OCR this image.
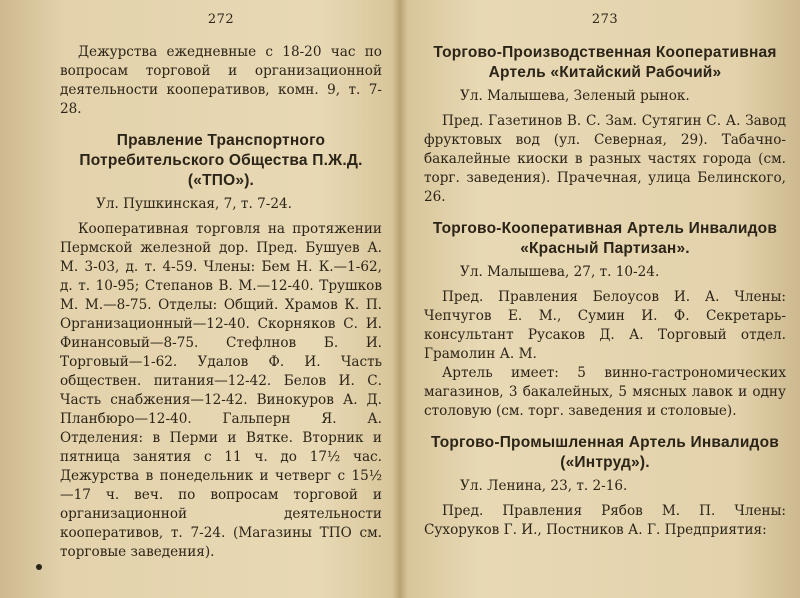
272

Дежурства ежедневные с 18-20 час по вопросам торговой и организационной деятельности кооперативов, комн. 9, т. 7-28.

Правление Транспортного Потребительского Общества П.Ж.Д. («ТПО»).
Ул. Пушкинская, 7, т. 7-24.

Кооперативная торговля на протяжении Пермской железной дор. Пред. Бушуев А. М. 3-03, д. т. 4-59. Члены: Бем Н. К.—1-62, д. т. 10-95; Степанов В. М.—12-40. Трушков М. М.—8-75. Отделы: Общий. Храмов К. П. Организационный—12-40. Скорняков С. И. Финансовый—8-75. Стефлнов Б. И. Торговый—1-62. Удалов Ф. И. Часть обществен. питания—12-42. Белов И. С. Часть снабжения—12-42. Винокуров А. Д. Планбюро—12-40. Гальперн Я. А. Отделения: в Перми и Вятке. Вторник и пятница занятия с 11 ч. до 17½ час. Дежурства в понедельник и четверг с 15½—17 ч. веч. по вопросам торговой и организационной деятельности кооперативов, т. 7-24. (Магазины ТПО см. торговые заведения).

273
Торгово-Производственная Кооперативная Артель «Китайский Рабочий»
Ул. Малышева, Зеленый рынок.

Пред. Газетинов В. С. Зам. Сутягин С. А. Завод фруктовых вод (ул. Северная, 29). Табачно-бакалейные киоски в разных частях города (см. торг. заведения). Прачечная, улица Белинского, 26.

Торгово-Кооперативная Артель Инвалидов «Красный Партизан».
Ул. Малышева, 27, т. 10-24.

Пред. Правления Белоусов И. А. Члены: Чепчугов Е. М., Сумин И. Ф. Секретарь-консультант Русаков Д. А. Торговый отдел. Грамолин А. М.

Артель имеет: 5 винно-гастрономических магазинов, 3 бакалейных, 5 мясных лавок и одну столовую (см. торг. заведения и столовые).

Торгово-Промышленная Артель Инвалидов («Интруд»).
Ул. Ленина, 23, т. 2-16.

Пред. Правления Рябов М. П. Члены: Сухоруков Г. И., Постников А. Г. Предприятия:
